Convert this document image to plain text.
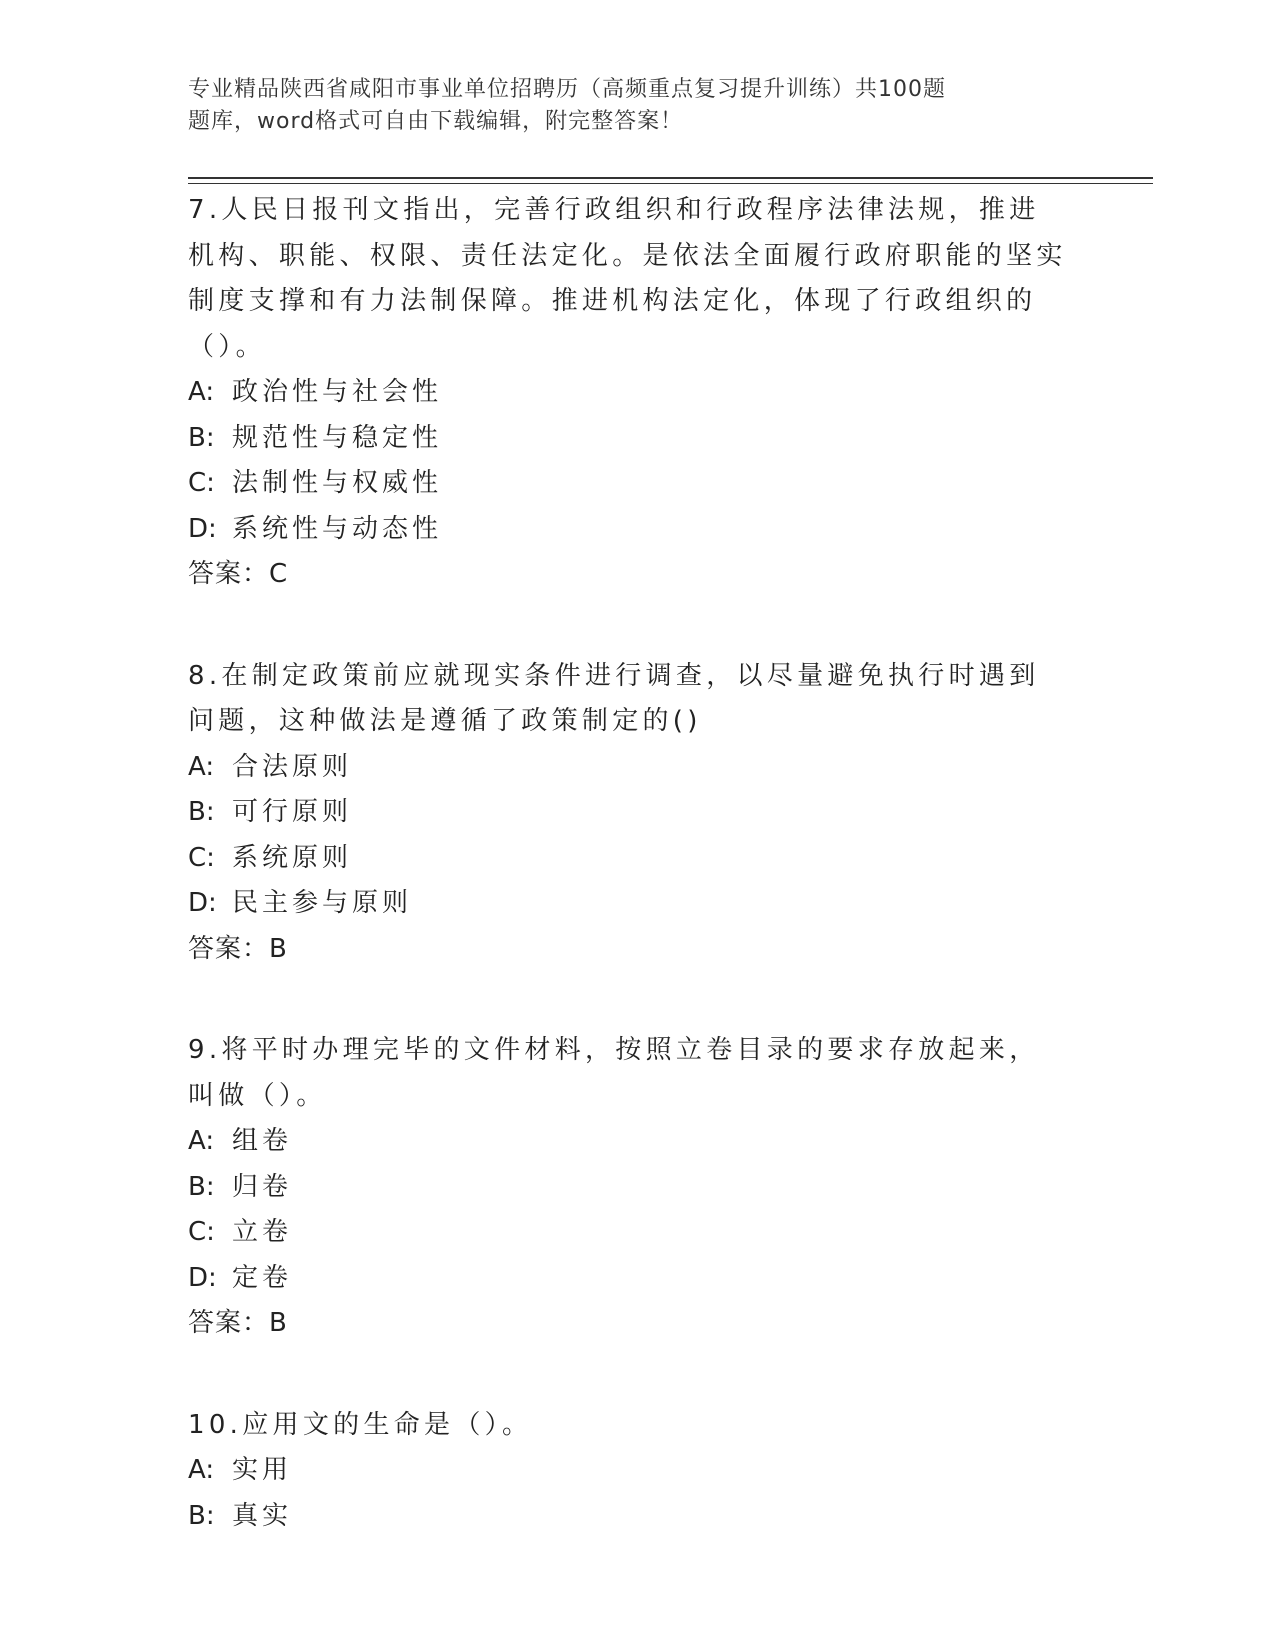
专业精品陕西省咸阳市事业单位招聘历（高频重点复习提升训练）共100题
题库，word格式可自由下载编辑，附完整答案！

7.人民日报刊文指出，完善行政组织和行政程序法律法规，推进机构、职能、权限、责任法定化。是依法全面履行政府职能的坚实制度支撑和有力法制保障。推进机构法定化，体现了行政组织的（）。

A: 政治性与社会性
B: 规范性与稳定性
C: 法制性与权威性
D: 系统性与动态性
答案：C

8.在制定政策前应就现实条件进行调查，以尽量避免执行时遇到问题，这种做法是遵循了政策制定的()

A: 合法原则
B: 可行原则
C: 系统原则
D: 民主参与原则
答案：B

9.将平时办理完毕的文件材料，按照立卷目录的要求存放起来，叫做（）。

A: 组卷
B: 归卷
C: 立卷
D: 定卷
答案：B

10.应用文的生命是（）。

A: 实用
B: 真实
